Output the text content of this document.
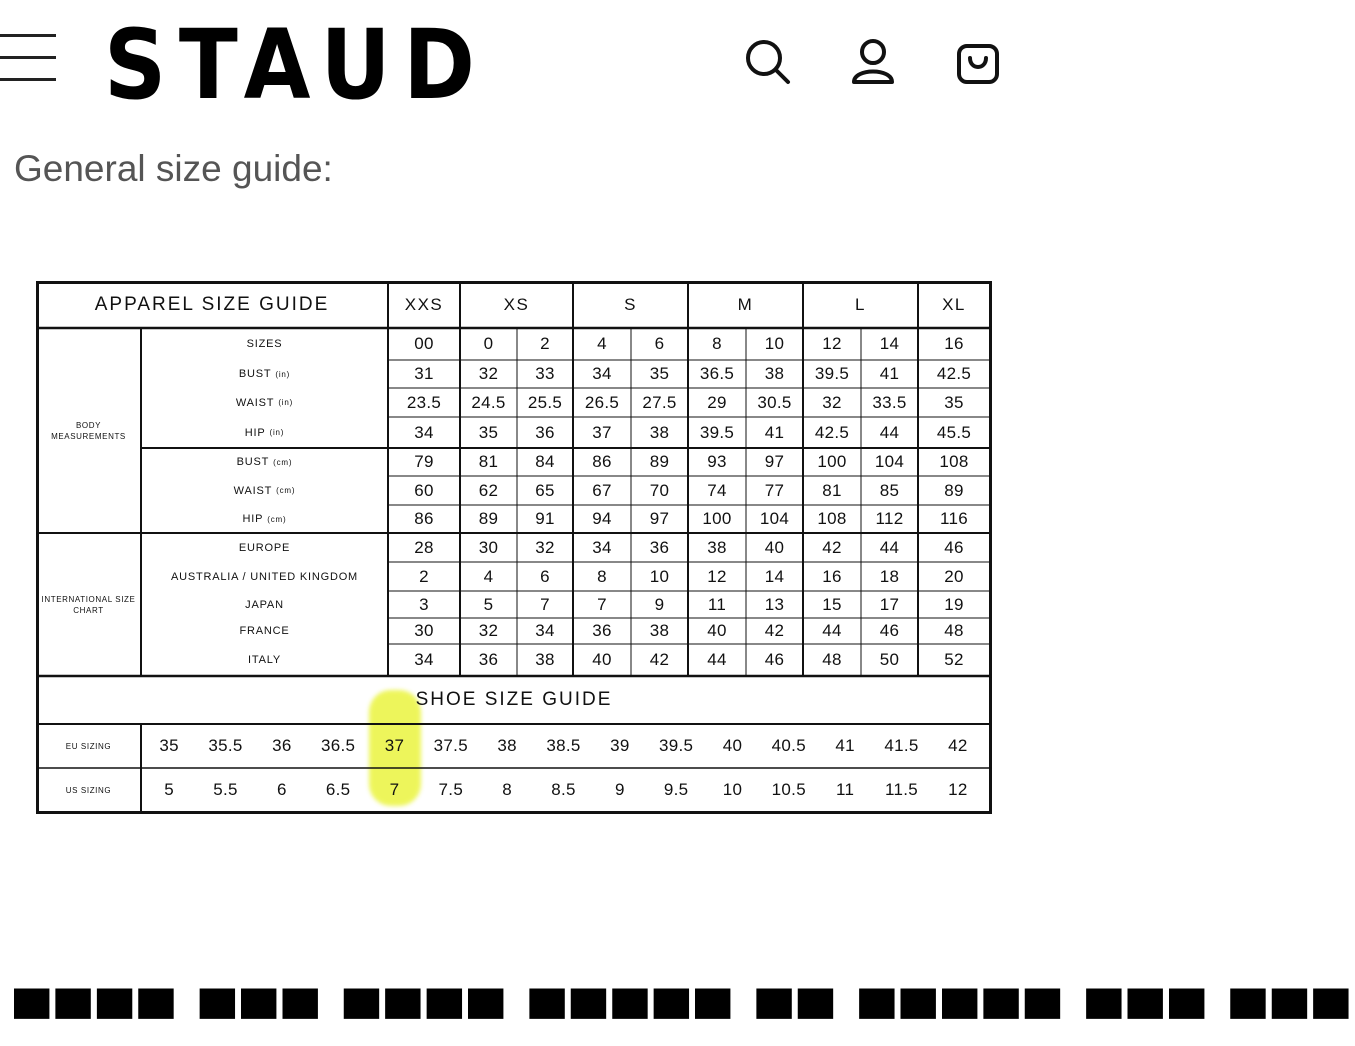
STAUD
General size guide:
APPAREL SIZE GUIDE	XXS	XS	S	M	L	XL
BODY MEASUREMENTS
SIZES	00	0	2	4	6	8	10	12	14	16
BUST (in)	31	32	33	34	35	36.5	38	39.5	41	42.5
WAIST (in)	23.5	24.5	25.5	26.5	27.5	29	30.5	32	33.5	35
HIP (in)	34	35	36	37	38	39.5	41	42.5	44	45.5
BUST (cm)	79	81	84	86	89	93	97	100	104	108
WAIST (cm)	60	62	65	67	70	74	77	81	85	89
HIP (cm)	86	89	91	94	97	100	104	108	112	116
INTERNATIONAL SIZE CHART
EUROPE	28	30	32	34	36	38	40	42	44	46
AUSTRALIA / UNITED KINGDOM	2	4	6	8	10	12	14	16	18	20
JAPAN	3	5	7	7	9	11	13	15	17	19
FRANCE	30	32	34	36	38	40	42	44	46	48
ITALY	34	36	38	40	42	44	46	48	50	52
SHOE SIZE GUIDE
EU SIZING	35	35.5	36	36.5	37	37.5	38	38.5	39	39.5	40	40.5	41	41.5	42
US SIZING	5	5.5	6	6.5	7	7.5	8	8.5	9	9.5	10	10.5	11	11.5	12
▀▀▀▀ ▀▀▀ ▀▀▀▀ ▀▀▀▀▀ ▀▀ ▀▀▀▀▀ ▀▀▀ ▀▀▀
